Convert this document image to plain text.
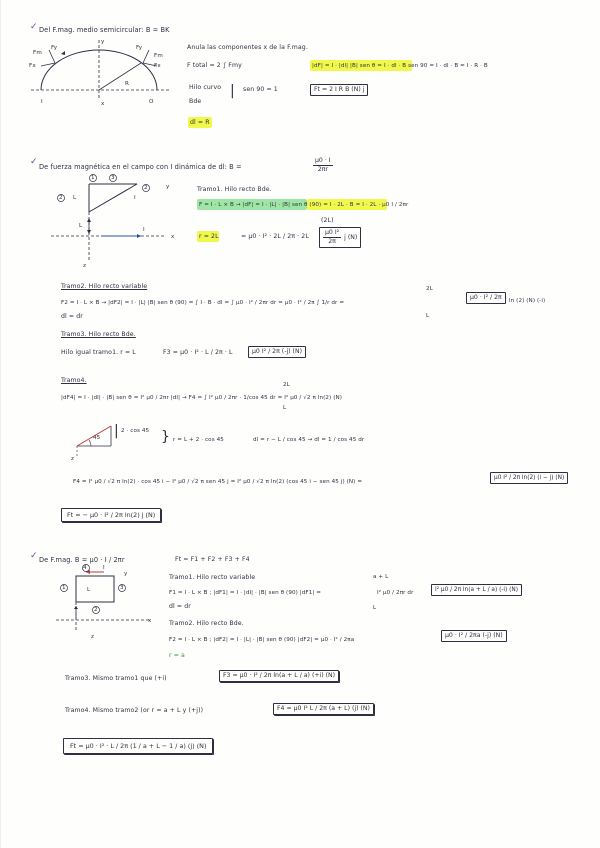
✓ Del F.mag. medio semicircular: B = BK
Fm
Fy
y
Fy
Fm
Fx	Fx
R
I	O
x
Anula las componentes x de la F.mag.
F total = 2 ∫ Fmy	|dF| = I · |dl| |B| sen θ = I · dl · B sen 90 = I · dl · B = I · R · B
Hilo curvo
Bde
| sen 90 = 1	Ft = 2 I R B (N) j
dl = R
✓ De fuerza magnética en el campo con I dinámica de dl: B =	$\frac{\mu 0 \cdot I}{2\pi r}$
1	3
2
2
y
L	I
L
I
x
z
Tramo1. Hilo recto Bde.
F = I · L × B → |dF| = I · |L| · |B| sen θ (90) = I · 2L · B = I · 2L · μ0 I / 2πr
(2L)
r = 2L	= $\mu 0 \cdot I^2 \cdot 2L / 2\pi \cdot 2L \frac{\text{μ0 I²}}{2\pi}$ j (N)
Tramo2. Hilo recto variable
F2 = I · L × B → |dF2| = I · |L| |B| sen θ (90) = ∫ I · B · dl = ∫ μ0 · I² / 2πr dr = μ0 · I² / 2π ∫ 1/r dr =
2L
L
μ0 · I² / 2π	ln (2) (N) (-i)
dl = dr
Tramo3. Hilo recto Bde.
Hilo igual tramo1. r = L	F3 = μ0 · I² · L / 2π · L	μ0 I² / 2π (-j) (N)
Tramo4.
|dF4| = I · |dl| · |B| sen θ = I² μ0 / 2πr |dl| → F4 = ∫ I² μ0 / 2πr · 1/cos 45 dr = I² μ0 / √2 π ln(2) (N)
2L
L
45
z
| 2 · cos 45 } r = L + 2 · cos 45	dl = r − L / cos 45 → dl = 1 / cos 45 dr
F4 = I² μ0 / √2 π ln(2) · cos 45 i − I² μ0 / √2 π sen 45 j = I² μ0 / √2 π ln(2) (cos 45 i − sen 45 j) (N) =
μ0 I² / 2π ln(2) (i − j) (N)
Ft = − μ0 · I² / 2π ln(2) j (N)
✓ De F.mag. B = μ0 · I / 2πr	Ft = F1 + F2 + F3 + F4
4	I
y
1	L	3
2
x
z
Tramo1. Hilo recto variable
F1 = I · L × B ; |dF1| = I · |dl| · |B| sen θ (90) |dF1| =	I² μ0 / 2πr dr
a + L
L
I² μ0 / 2π ln(a + L / a) (-i) (N)
dl = dr
Tramo2. Hilo recto Bde.
F2 = I · L × B ; |dF2| = I · |L| · |B| sen θ (90) |dF2| = μ0 · I² / 2πa
μ0 · I² / 2πa (-j) (N)
r = a
Tramo3. Mismo tramo1 que (+i)	F3 = μ0 · I² / 2π ln(a + L / a) (+i) (N)
Tramo4. Mismo tramo2 (or r = a + L y (+j))	F4 = μ0 I² L / 2π (a + L) (j) (N)
Ft = μ0 · I² · L / 2π (1 / a + L − 1 / a) (j) (N)
